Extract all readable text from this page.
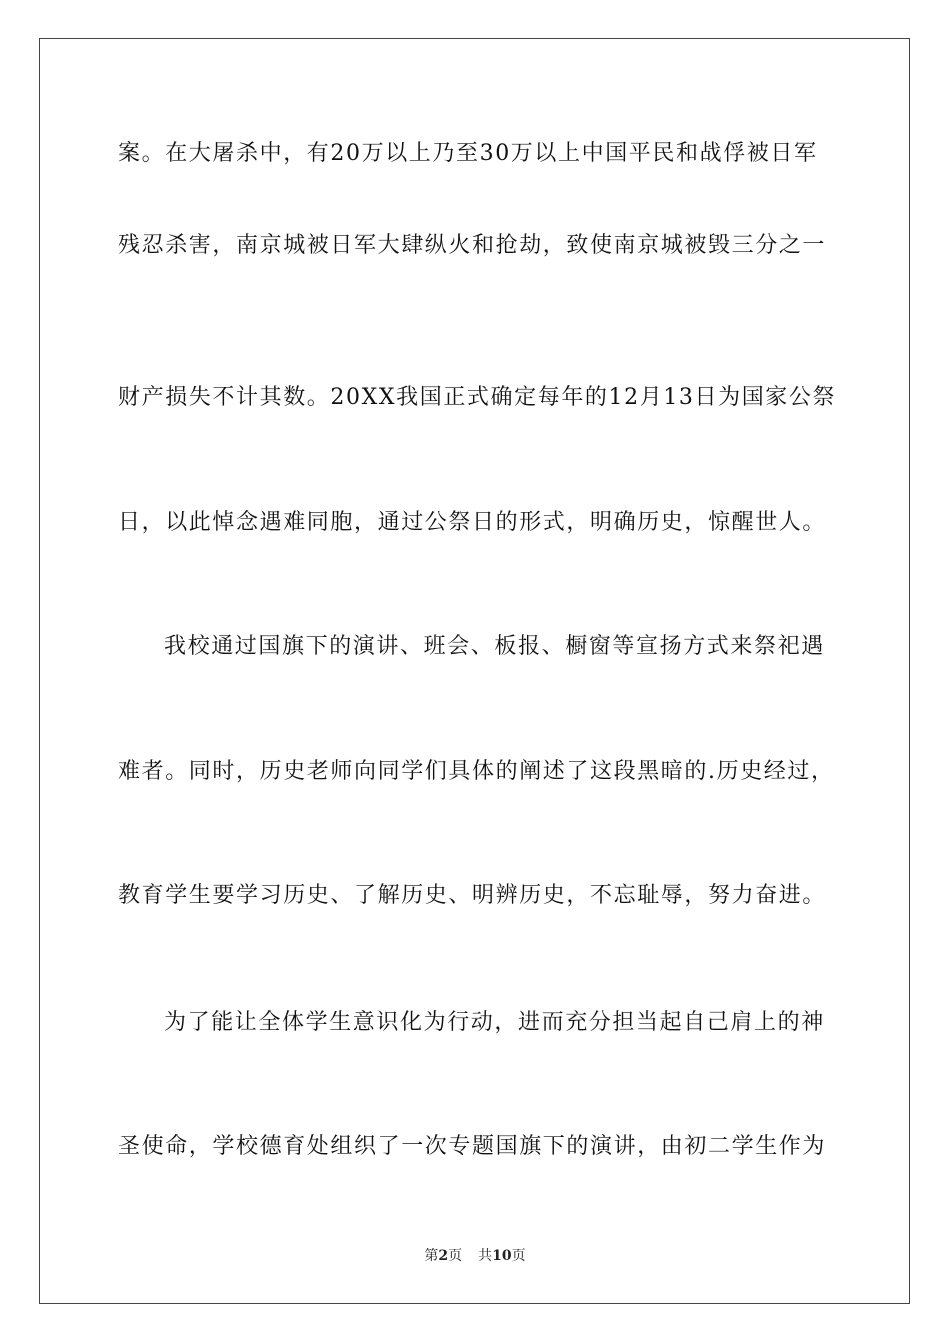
案。在大屠杀中，有20万以上乃至30万以上中国平民和战俘被日军
残忍杀害，南京城被日军大肆纵火和抢劫，致使南京城被毁三分之一
财产损失不计其数。20XX我国正式确定每年的12月13日为国家公祭
日，以此悼念遇难同胞，通过公祭日的形式，明确历史，惊醒世人。
我校通过国旗下的演讲、班会、板报、橱窗等宣扬方式来祭祀遇
难者。同时，历史老师向同学们具体的阐述了这段黑暗的.历史经过，
教育学生要学习历史、了解历史、明辨历史，不忘耻辱，努力奋进。
为了能让全体学生意识化为行动，进而充分担当起自己肩上的神
圣使命，学校德育处组织了一次专题国旗下的演讲，由初二学生作为
第2页 共10页
